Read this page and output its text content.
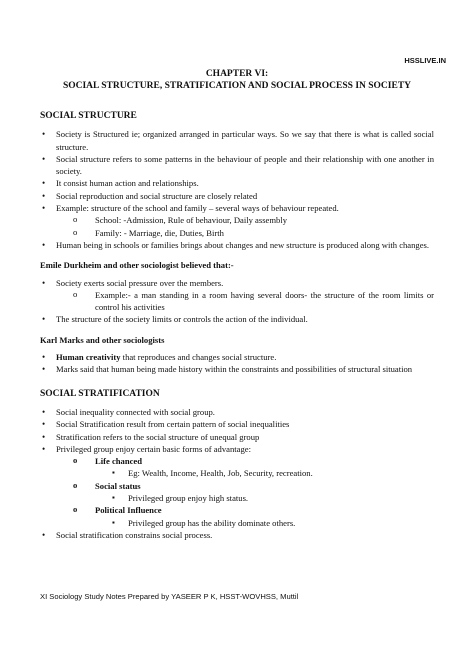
HSSLIVE.IN
CHAPTER VI:
SOCIAL STRUCTURE, STRATIFICATION AND SOCIAL PROCESS IN SOCIETY
SOCIAL STRUCTURE
• Society is Structured ie; organized arranged in particular ways. So we say that there is what is called social structure.
• Social structure refers to some patterns in the behaviour of people and their relationship with one another in society.
• It consist human action and relationships.
• Social reproduction and social structure are closely related
• Example: structure of the school and family – several ways of behaviour repeated.
o School: -Admission, Rule of behaviour, Daily assembly
o Family: - Marriage, die, Duties, Birth
• Human being in schools or families brings about changes and new structure is produced along with changes.
Emile Durkheim and other sociologist believed that:-
• Society exerts social pressure over the members.
o Example:- a man standing in a room having several doors- the structure of the room limits or control his activities
• The structure of the society limits or controls the action of the individual.
Karl Marks and other sociologists
• Human creativity that reproduces and changes social structure.
• Marks said that human being made history within the constraints and possibilities of structural situation
SOCIAL STRATIFICATION
• Social inequality connected with social group.
• Social Stratification result from certain pattern of social inequalities
• Stratification refers to the social structure of unequal group
• Privileged group enjoy certain basic forms of advantage:
o Life chanced
▪ Eg: Wealth, Income, Health, Job, Security, recreation.
o Social status
▪ Privileged group enjoy high status.
o Political Influence
▪ Privileged group has the ability dominate others.
• Social stratification constrains social process.
XI Sociology Study Notes Prepared by YASEER P K, HSST-WOVHSS, Muttil
